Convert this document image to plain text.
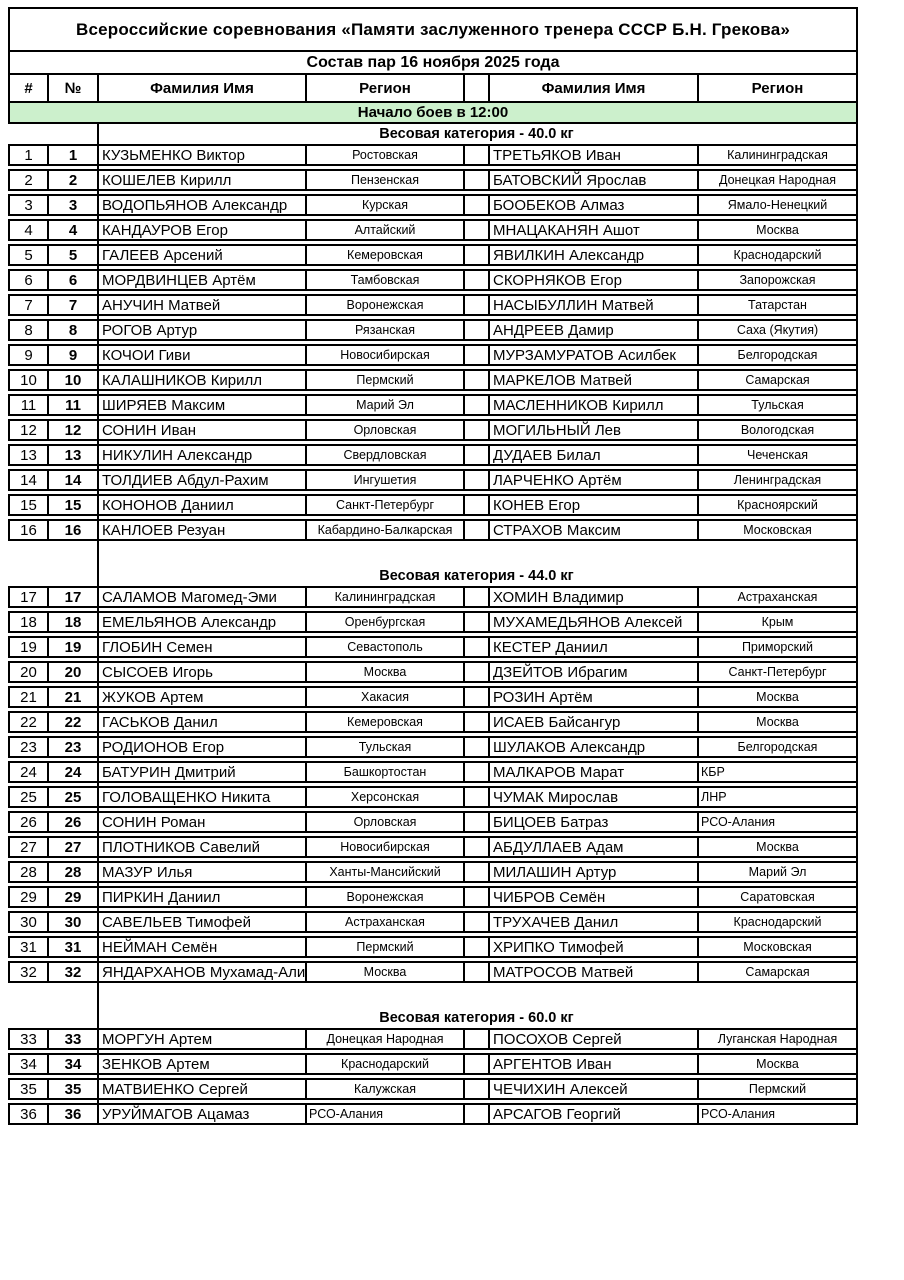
Всероссийские соревнования «Памяти заслуженного тренера СССР Б.Н. Грекова»
Состав пар 16 ноября 2025 года
#	№	Фамилия Имя	Регион	Фамилия Имя	Регион
Начало боев в 12:00
Весовая категория - 40.0 кг
1	1	КУЗЬМЕНКО Виктор	Ростовская	ТРЕТЬЯКОВ Иван	Калининградская
2	2	КОШЕЛЕВ Кирилл	Пензенская	БАТОВСКИЙ Ярослав	Донецкая Народная
3	3	ВОДОПЬЯНОВ Александр	Курская	БООБЕКОВ Алмаз	Ямало-Ненецкий
4	4	КАНДАУРОВ Егор	Алтайский	МНАЦАКАНЯН Ашот	Москва
5	5	ГАЛЕЕВ Арсений	Кемеровская	ЯВИЛКИН Александр	Краснодарский
6	6	МОРДВИНЦЕВ Артём	Тамбовская	СКОРНЯКОВ Егор	Запорожская
7	7	АНУЧИН Матвей	Воронежская	НАСЫБУЛЛИН Матвей	Татарстан
8	8	РОГОВ Артур	Рязанская	АНДРЕЕВ Дамир	Саха (Якутия)
9	9	КОЧОИ Гиви	Новосибирская	МУРЗАМУРАТОВ Асилбек	Белгородская
10	10	КАЛАШНИКОВ Кирилл	Пермский	МАРКЕЛОВ Матвей	Самарская
11	11	ШИРЯЕВ Максим	Марий Эл	МАСЛЕННИКОВ Кирилл	Тульская
12	12	СОНИН Иван	Орловская	МОГИЛЬНЫЙ Лев	Вологодская
13	13	НИКУЛИН Александр	Свердловская	ДУДАЕВ Билал	Чеченская
14	14	ТОЛДИЕВ Абдул-Рахим	Ингушетия	ЛАРЧЕНКО Артём	Ленинградская
15	15	КОНОНОВ Даниил	Санкт-Петербург	КОНЕВ Егор	Красноярский
16	16	КАНЛОЕВ Резуан	Кабардино-Балкарская	СТРАХОВ Максим	Московская
Весовая категория - 44.0 кг
17	17	САЛАМОВ Магомед-Эми	Калининградская	ХОМИН Владимир	Астраханская
18	18	ЕМЕЛЬЯНОВ Александр	Оренбургская	МУХАМЕДЬЯНОВ Алексей	Крым
19	19	ГЛОБИН Семен	Севастополь	КЕСТЕР Даниил	Приморский
20	20	СЫСОЕВ Игорь	Москва	ДЗЕЙТОВ Ибрагим	Санкт-Петербург
21	21	ЖУКОВ Артем	Хакасия	РОЗИН Артём	Москва
22	22	ГАСЬКОВ Данил	Кемеровская	ИСАЕВ Байсангур	Москва
23	23	РОДИОНОВ Егор	Тульская	ШУЛАКОВ Александр	Белгородская
24	24	БАТУРИН Дмитрий	Башкортостан	МАЛКАРОВ Марат	КБР
25	25	ГОЛОВАЩЕНКО Никита	Херсонская	ЧУМАК Мирослав	ЛНР
26	26	СОНИН Роман	Орловская	БИЦОЕВ Батраз	РСО-Алания
27	27	ПЛОТНИКОВ Савелий	Новосибирская	АБДУЛЛАЕВ Адам	Москва
28	28	МАЗУР Илья	Ханты-Мансийский	МИЛАШИН Артур	Марий Эл
29	29	ПИРКИН Даниил	Воронежская	ЧИБРОВ Семён	Саратовская
30	30	САВЕЛЬЕВ Тимофей	Астраханская	ТРУХАЧЕВ Данил	Краснодарский
31	31	НЕЙМАН Семён	Пермский	ХРИПКО Тимофей	Московская
32	32	ЯНДАРХАНОВ Мухамад-Али	Москва	МАТРОСОВ Матвей	Самарская
Весовая категория - 60.0 кг
33	33	МОРГУН Артем	Донецкая Народная	ПОСОХОВ Сергей	Луганская Народная
34	34	ЗЕНКОВ Артем	Краснодарский	АРГЕНТОВ Иван	Москва
35	35	МАТВИЕНКО Сергей	Калужская	ЧЕЧИХИН Алексей	Пермский
36	36	УРУЙМАГОВ Ацамаз	РСО-Алания	АРСАГОВ Георгий	РСО-Алания
